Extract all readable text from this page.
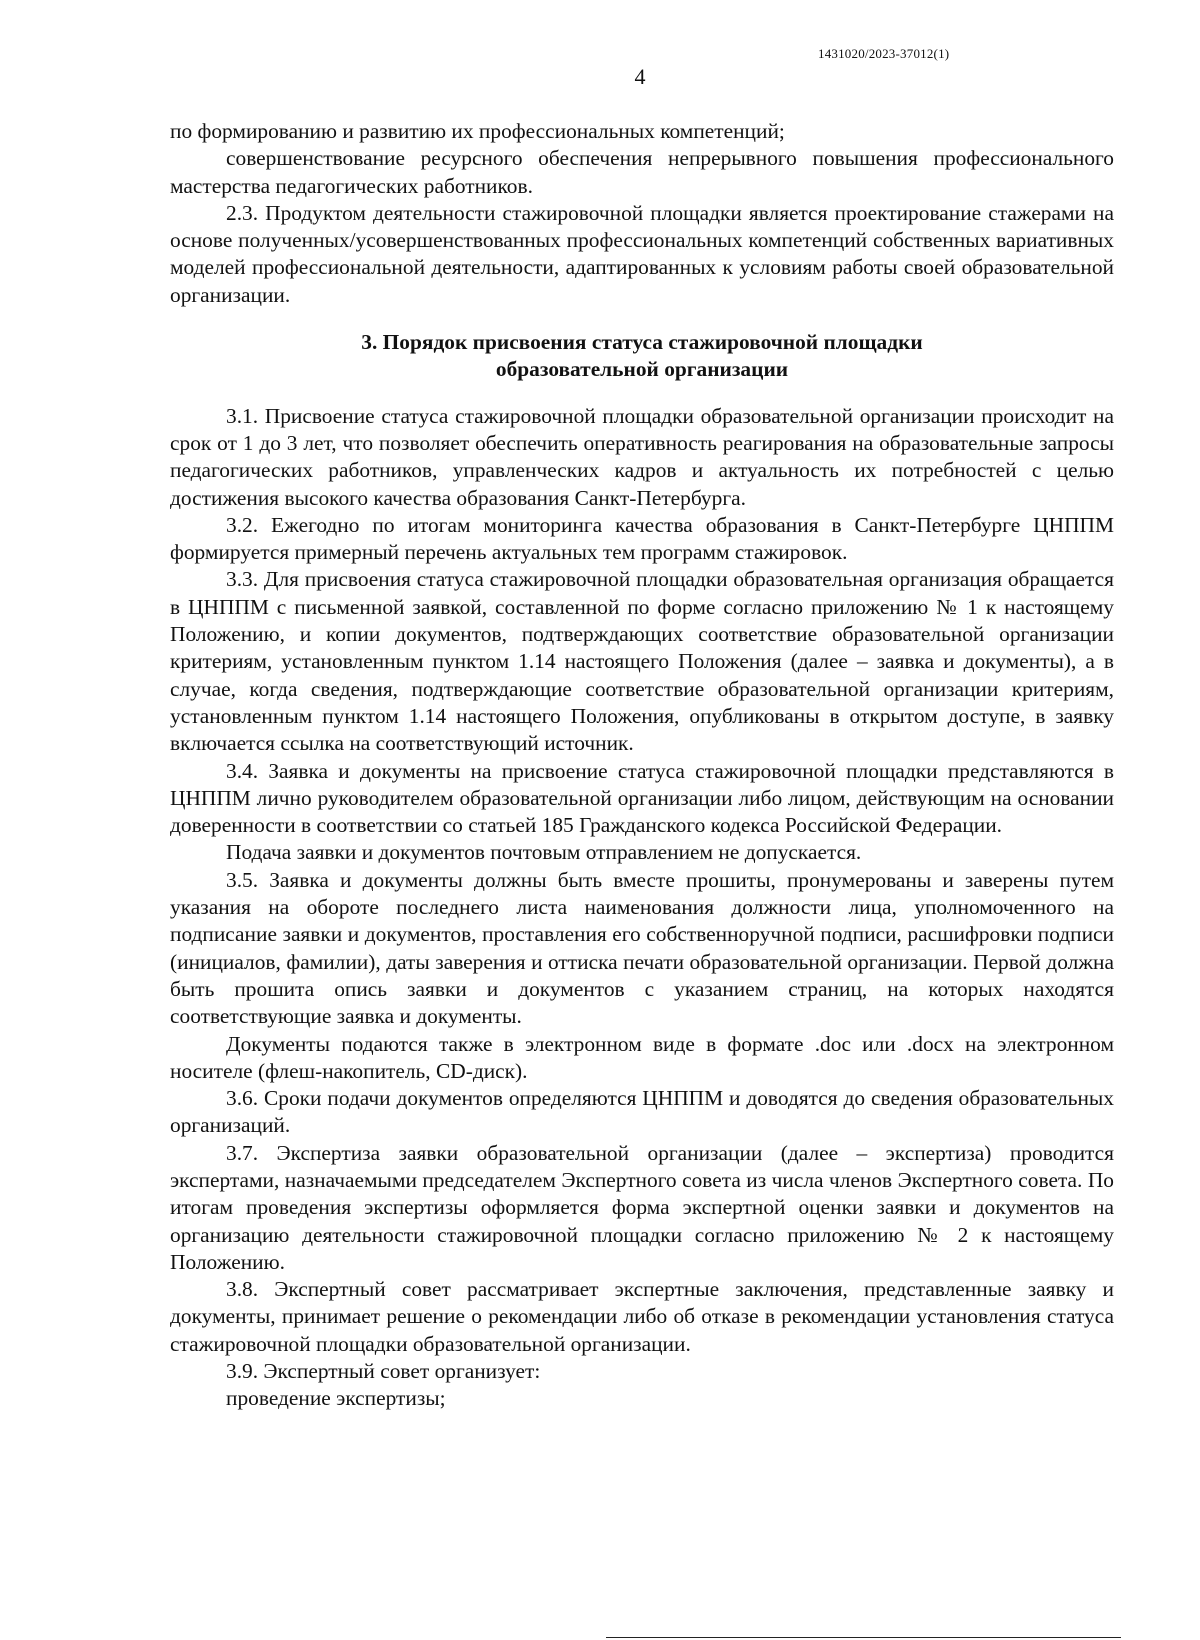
1431020/2023-37012(1)
4

по формированию и развитию их профессиональных компетенций;

совершенствование ресурсного обеспечения непрерывного повышения профессионального мастерства педагогических работников.

2.3. Продуктом деятельности стажировочной площадки является проектирование стажерами на основе полученных/усовершенствованных профессиональных компетенций собственных вариативных моделей профессиональной деятельности, адаптированных к условиям работы своей образовательной организации.

3. Порядок присвоения статуса стажировочной площадки
образовательной организации

3.1. Присвоение статуса стажировочной площадки образовательной организации происходит на срок от 1 до 3 лет, что позволяет обеспечить оперативность реагирования на образовательные запросы педагогических работников, управленческих кадров и актуальность их потребностей с целью достижения высокого качества образования Санкт-Петербурга.

3.2. Ежегодно по итогам мониторинга качества образования в Санкт-Петербурге ЦНППМ формируется примерный перечень актуальных тем программ стажировок.

3.3. Для присвоения статуса стажировочной площадки образовательная организация обращается в ЦНППМ с письменной заявкой, составленной по форме согласно приложению № 1 к настоящему Положению, и копии документов, подтверждающих соответствие образовательной организации критериям, установленным пунктом 1.14 настоящего Положения (далее – заявка и документы), а в случае, когда сведения, подтверждающие соответствие образовательной организации критериям, установленным пунктом 1.14 настоящего Положения, опубликованы в открытом доступе, в заявку включается ссылка на соответствующий источник.

3.4. Заявка и документы на присвоение статуса стажировочной площадки представляются в ЦНППМ лично руководителем образовательной организации либо лицом, действующим на основании доверенности в соответствии со статьей 185 Гражданского кодекса Российской Федерации.

Подача заявки и документов почтовым отправлением не допускается.

3.5. Заявка и документы должны быть вместе прошиты, пронумерованы и заверены путем указания на обороте последнего листа наименования должности лица, уполномоченного на подписание заявки и документов, проставления его собственноручной подписи, расшифровки подписи (инициалов, фамилии), даты заверения и оттиска печати образовательной организации. Первой должна быть прошита опись заявки и документов с указанием страниц, на которых находятся соответствующие заявка и документы.

Документы подаются также в электронном виде в формате .doc или .docx на электронном носителе (флеш-накопитель, CD-диск).

3.6. Сроки подачи документов определяются ЦНППМ и доводятся до сведения образовательных организаций.

3.7. Экспертиза заявки образовательной организации (далее – экспертиза) проводится экспертами, назначаемыми председателем Экспертного совета из числа членов Экспертного совета. По итогам проведения экспертизы оформляется форма экспертной оценки заявки и документов на организацию деятельности стажировочной площадки согласно приложению № 2 к настоящему Положению.

3.8. Экспертный совет рассматривает экспертные заключения, представленные заявку и документы, принимает решение о рекомендации либо об отказе в рекомендации установления статуса стажировочной площадки образовательной организации.

3.9. Экспертный совет организует:

проведение экспертизы;
